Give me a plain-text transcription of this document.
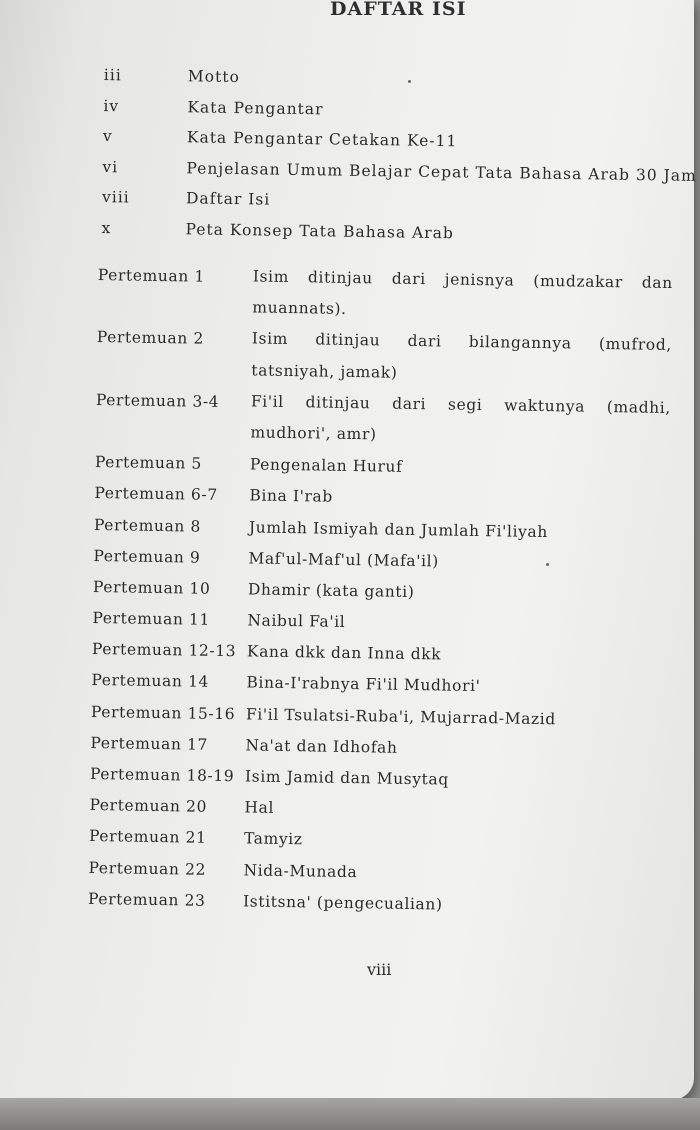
DAFTAR ISI
iii	Motto
iv	Kata Pengantar
v	Kata Pengantar Cetakan Ke-11
vi	Penjelasan Umum Belajar Cepat Tata Bahasa Arab 30 Jam
viii	Daftar Isi
x	Peta Konsep Tata Bahasa Arab
Pertemuan 1	Isim ditinjau dari jenisnya (mudzakar dan muannats).
Pertemuan 2	Isim ditinjau dari bilangannya (mufrod, tatsniyah, jamak)
Pertemuan 3-4 Fi'il ditinjau dari segi waktunya (madhi, mudhori', amr)
Pertemuan 5	Pengenalan Huruf
Pertemuan 6-7 Bina I'rab
Pertemuan 8	Jumlah Ismiyah dan Jumlah Fi'liyah
Pertemuan 9	Maf'ul-Maf'ul (Mafa'il)
Pertemuan 10 Dhamir (kata ganti)
Pertemuan 11 Naibul Fa'il
Pertemuan 12-13 Kana dkk dan Inna dkk
Pertemuan 14 Bina-I'rabnya Fi'il Mudhori'
Pertemuan 15-16 Fi'il Tsulatsi-Ruba'i, Mujarrad-Mazid
Pertemuan 17 Na'at dan Idhofah
Pertemuan 18-19 Isim Jamid dan Musytaq
Pertemuan 20 Hal
Pertemuan 21 Tamyiz
Pertemuan 22 Nida-Munada
Pertemuan 23 Istitsna' (pengecualian)

viii
